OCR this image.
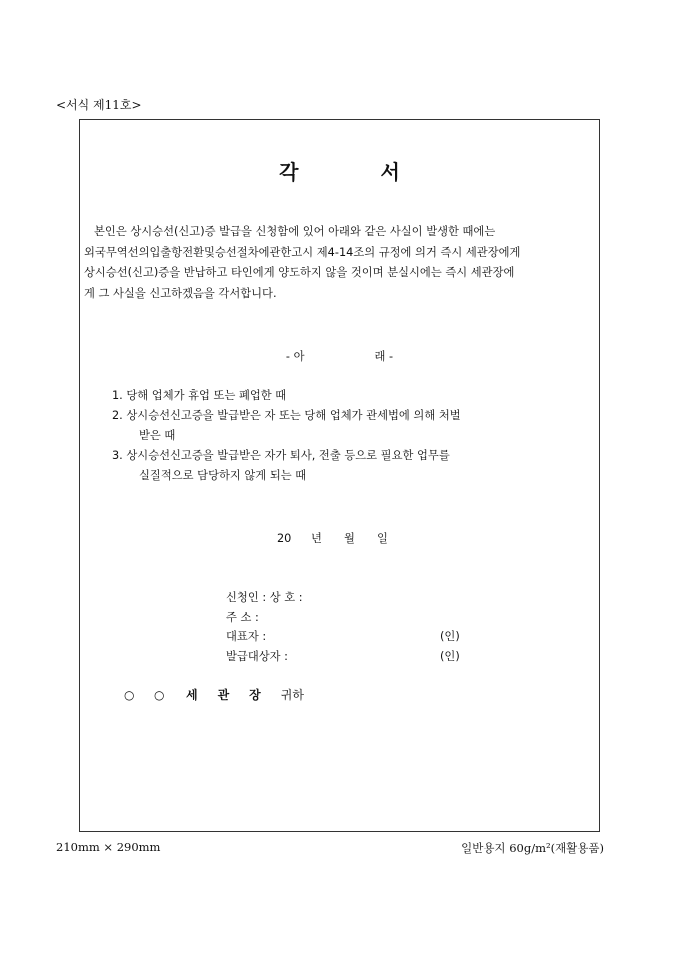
<서식 제11호>
각서
본인은 상시승선(신고)증 발급을 신청함에 있어 아래와 같은 사실이 발생한 때에는
외국무역선의입출항전환및승선절차에관한고시 제4-14조의 규정에 의거 즉시 세관장에게
상시승선(신고)증을 반납하고 타인에게 양도하지 않을 것이며 분실시에는 즉시 세관장에
게 그 사실을 신고하겠음을 각서합니다.
- 아	래 -
1. 당해 업체가 휴업 또는 폐업한 때
2. 상시승선신고증을 발급받은 자 또는 당해 업체가 관세법에 의해 처벌
받은 때
3. 상시승선신고증을 발급받은 자가 퇴사, 전출 등으로 필요한 업무를
실질적으로 담당하지 않게 되는 때
20 년 월 일
신청인 : 상 호 :
주 소 :
대표자 :	(인)
발급대상자 :	(인)
○ ○ 세관장귀하
210mm × 290mm	일반용지 60g/m²(재활용품)
